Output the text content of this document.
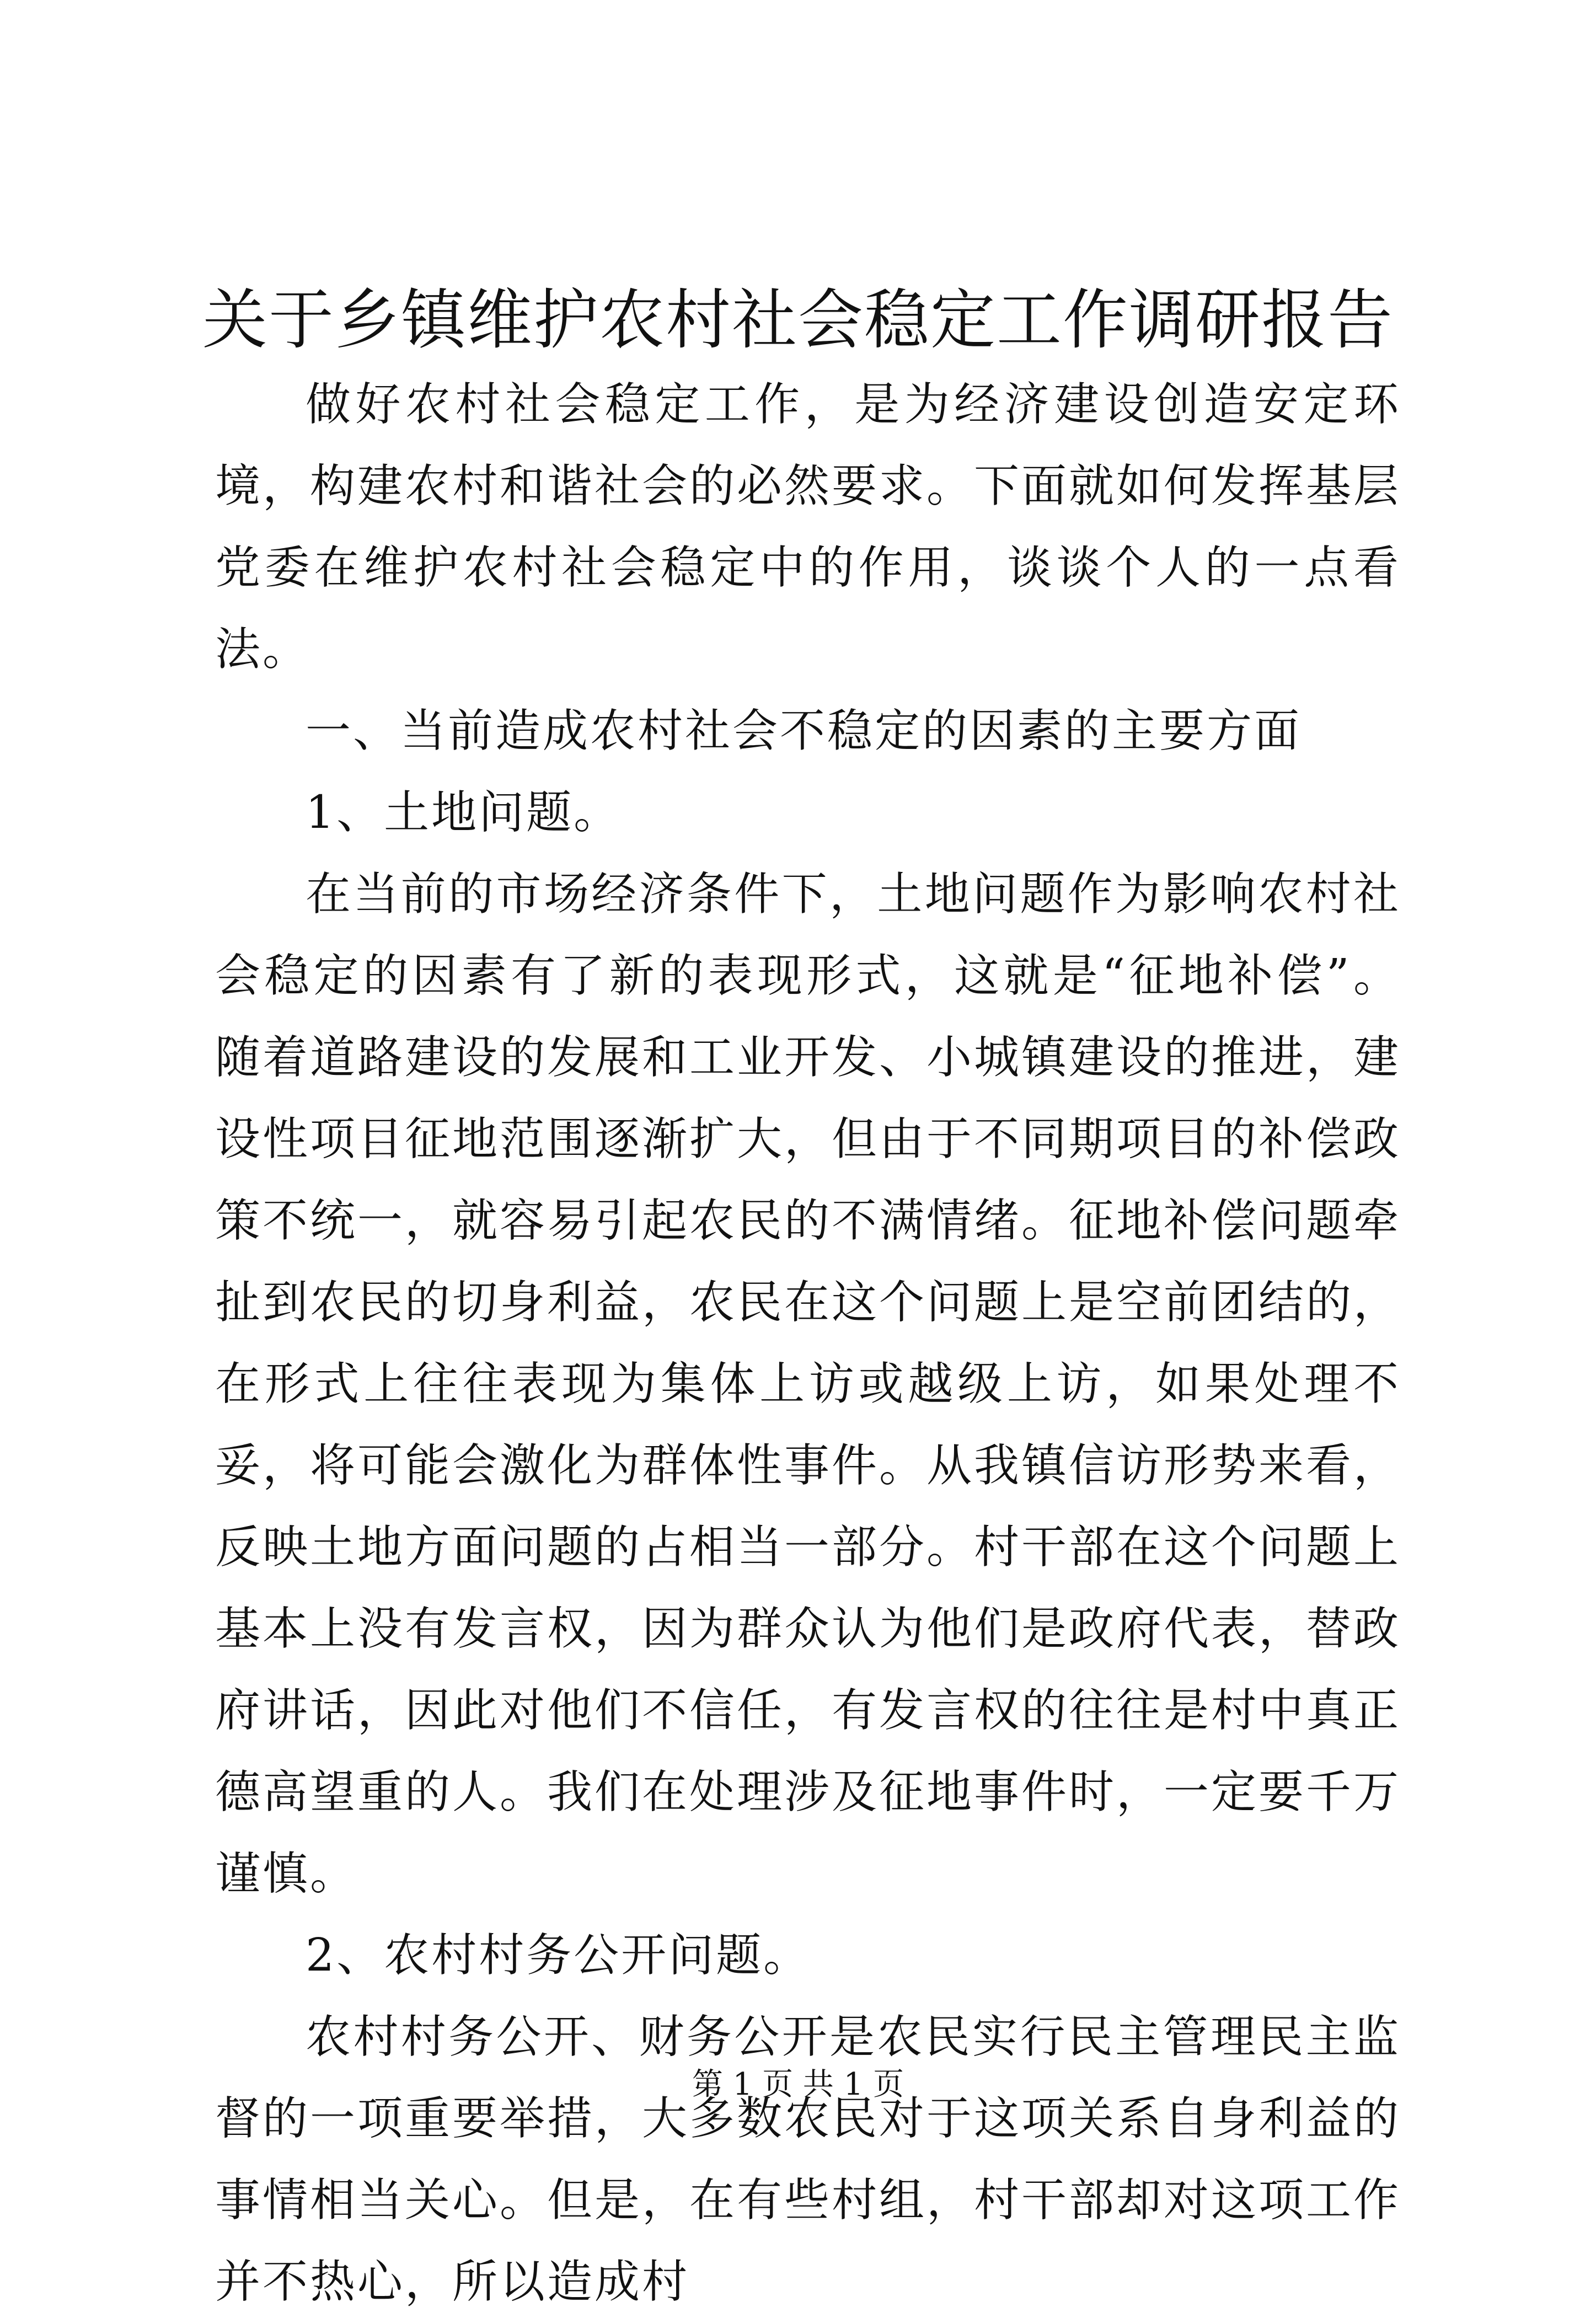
关于乡镇维护农村社会稳定工作调研报告

做好农村社会稳定工作，是为经济建设创造安定环境，构建农村和谐社会的必然要求。下面就如何发挥基层党委在维护农村社会稳定中的作用，谈谈个人的一点看法。

一、当前造成农村社会不稳定的因素的主要方面

1、土地问题。

在当前的市场经济条件下，土地问题作为影响农村社会稳定的因素有了新的表现形式，这就是“征地补偿”。随着道路建设的发展和工业开发、小城镇建设的推进，建设性项目征地范围逐渐扩大，但由于不同期项目的补偿政策不统一，就容易引起农民的不满情绪。征地补偿问题牵扯到农民的切身利益，农民在这个问题上是空前团结的，在形式上往往表现为集体上访或越级上访，如果处理不妥，将可能会激化为群体性事件。从我镇信访形势来看，反映土地方面问题的占相当一部分。村干部在这个问题上基本上没有发言权，因为群众认为他们是政府代表，替政府讲话，因此对他们不信任，有发言权的往往是村中真正德高望重的人。我们在处理涉及征地事件时，一定要千万谨慎。

2、农村村务公开问题。

农村村务公开、财务公开是农民实行民主管理民主监督的一项重要举措，大多数农民对于这项关系自身利益的事情相当关心。但是，在有些村组，村干部却对这项工作并不热心，所以造成村

第 1 页 共 1 页
